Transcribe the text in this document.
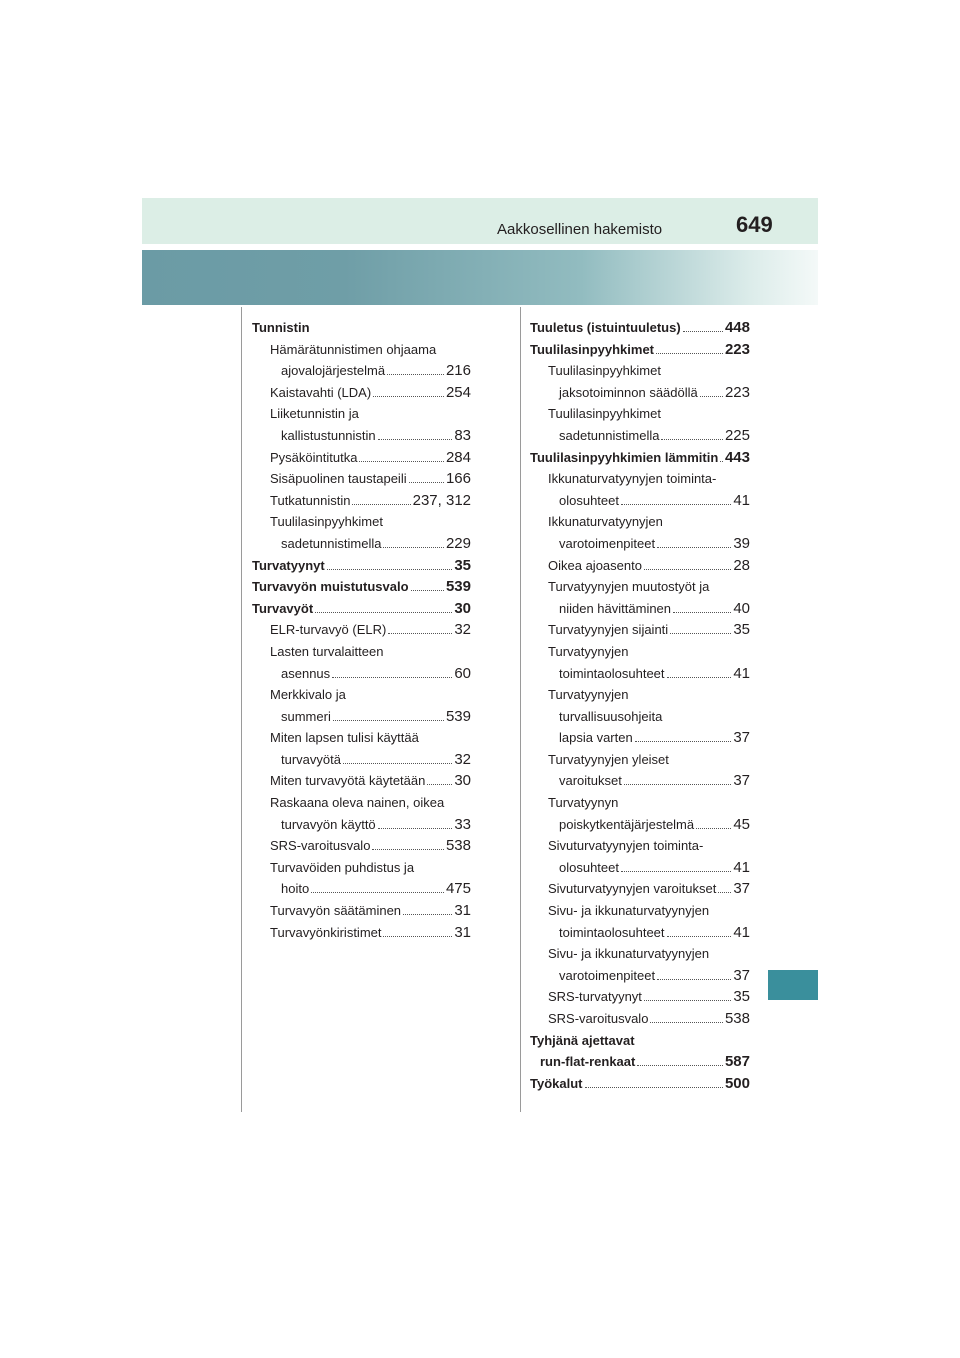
Aakkosellinen hakemisto	649
Tunnistin
Hämärätunnistimen ohjaama
ajovalojärjestelmä	216
Kaistavahti (LDA)	254
Liiketunnistin ja
kallistustunnistin	83
Pysäköintitutka	284
Sisäpuolinen taustapeili	166
Tutkatunnistin	237, 312
Tuulilasinpyyhkimet
sadetunnistimella	229
Turvatyynyt	35
Turvavyön muistutusvalo 539
Turvavyöt	30
ELR-turvavyö (ELR)	32
Lasten turvalaitteen
asennus	60
Merkkivalo ja
summeri	539
Miten lapsen tulisi käyttää
turvavyötä	32
Miten turvavyötä käytetään 30
Raskaana oleva nainen, oikea
turvavyön käyttö	33
SRS-varoitusvalo	538
Turvavöiden puhdistus ja
hoito	475
Turvavyön säätäminen	31
Turvavyönkiristimet	31
Tuuletus (istuintuuletus)	448
Tuulilasinpyyhkimet	223
Tuulilasinpyyhkimet
jaksotoiminnon säädöllä 223
Tuulilasinpyyhkimet
sadetunnistimella	225
Tuulilasinpyyhkimien lämmitin 443
Ikkunaturvatyynyjen toiminta-
olosuhteet	41
Ikkunaturvatyynyjen
varotoimenpiteet	39
Oikea ajoasento	28
Turvatyynyjen muutostyöt ja
niiden hävittäminen	40
Turvatyynyjen sijainti	35
Turvatyynyjen
toimintaolosuhteet	41
Turvatyynyjen
turvallisuusohjeita
lapsia varten	37
Turvatyynyjen yleiset
varoitukset	37
Turvatyynyn
poiskytkentäjärjestelmä	45
Sivuturvatyynyjen toiminta-
olosuhteet	41
Sivuturvatyynyjen varoitukset 37
Sivu- ja ikkunaturvatyynyjen
toimintaolosuhteet	41
Sivu- ja ikkunaturvatyynyjen
varotoimenpiteet	37
SRS-turvatyynyt	35
SRS-varoitusvalo	538
Tyhjänä ajettavat
run-flat-renkaat	587
Työkalut	500
